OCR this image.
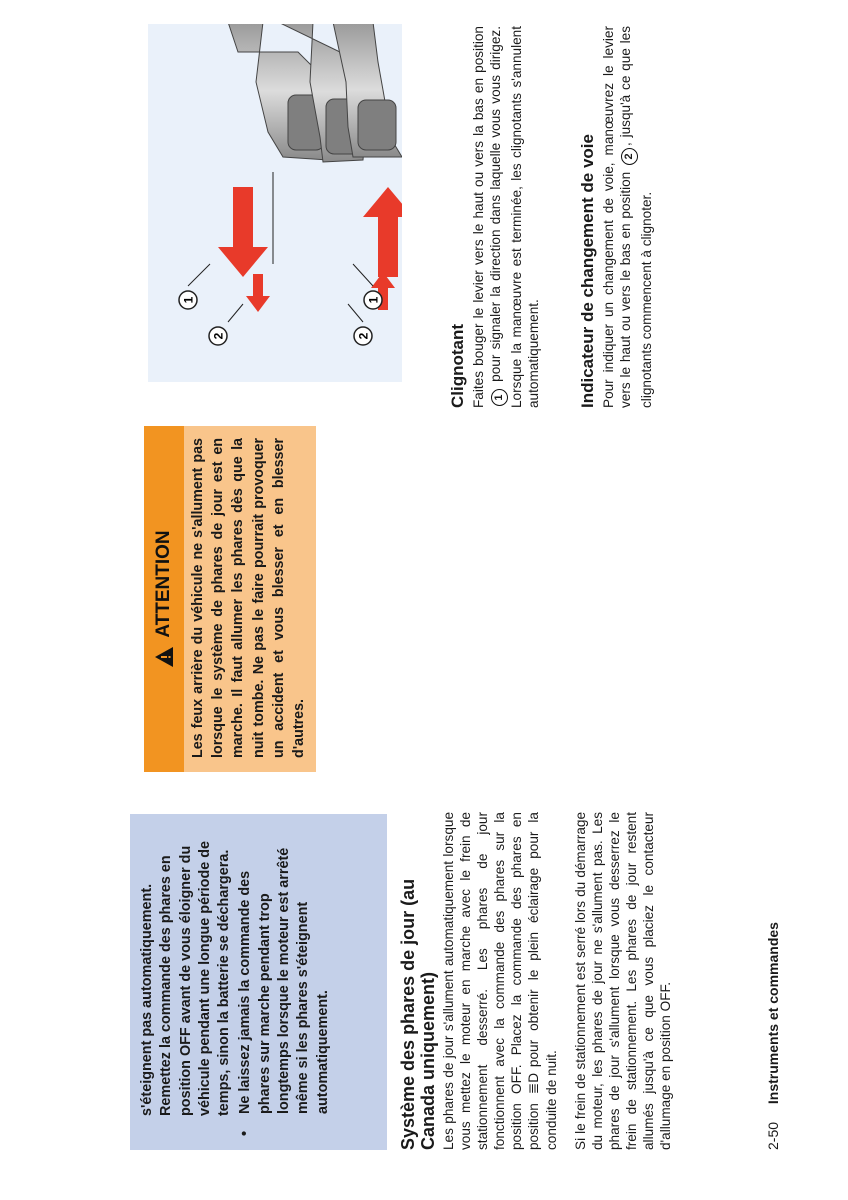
s'éteignent pas automatiquement. Remettez la commande des phares en position OFF avant de vous éloigner du véhicule pendant une longue période de temps, sinon la batterie se déchargera.

•
Ne laissez jamais la commande des phares sur marche pendant trop longtemps lorsque le moteur est arrêté même si les phares s'éteignent automatiquement.	Système des phares de jour (au Canada uniquement) Les phares de jour s'allument automatiquement lorsque vous mettez le moteur en marche avec le frein de stationnement desserré. Les phares de jour fonctionnent avec la commande des phares sur la position OFF. Placez la commande des phares en position ≣D pour obtenir le plein éclairage pour la conduite de nuit. Si le frein de stationnement est serré lors du démarrage du moteur, les phares de jour ne s'allument pas. Les phares de jour s'allument lorsque vous desserrez le frein de stationnement. Les phares de jour restent allumés jusqu'à ce que vous placiez le contacteur d'allumage en position OFF.

ATTENTION Les feux arrière du véhicule ne s'allument pas lorsque le système de phares de jour est en marche. Il faut allumer les phares dès que la nuit tombe. Ne pas le faire pourrait provoquer un accident et vous blesser et en blesser d'autres.
1
2	2
1
Clignotant Faites bouger le levier vers le haut ou vers la bas en position 1 pour signaler la direction dans laquelle vous vous dirigez. Lorsque la manœuvre est terminée, les clignotants s'annulent automatiquement. Indicateur de changement de voie Pour indiquer un changement de voie, manœuvrez le levier vers le haut ou vers le bas en position 2, jusqu'à ce que les clignotants commencent à clignoter.
2-50 Instruments et commandes
